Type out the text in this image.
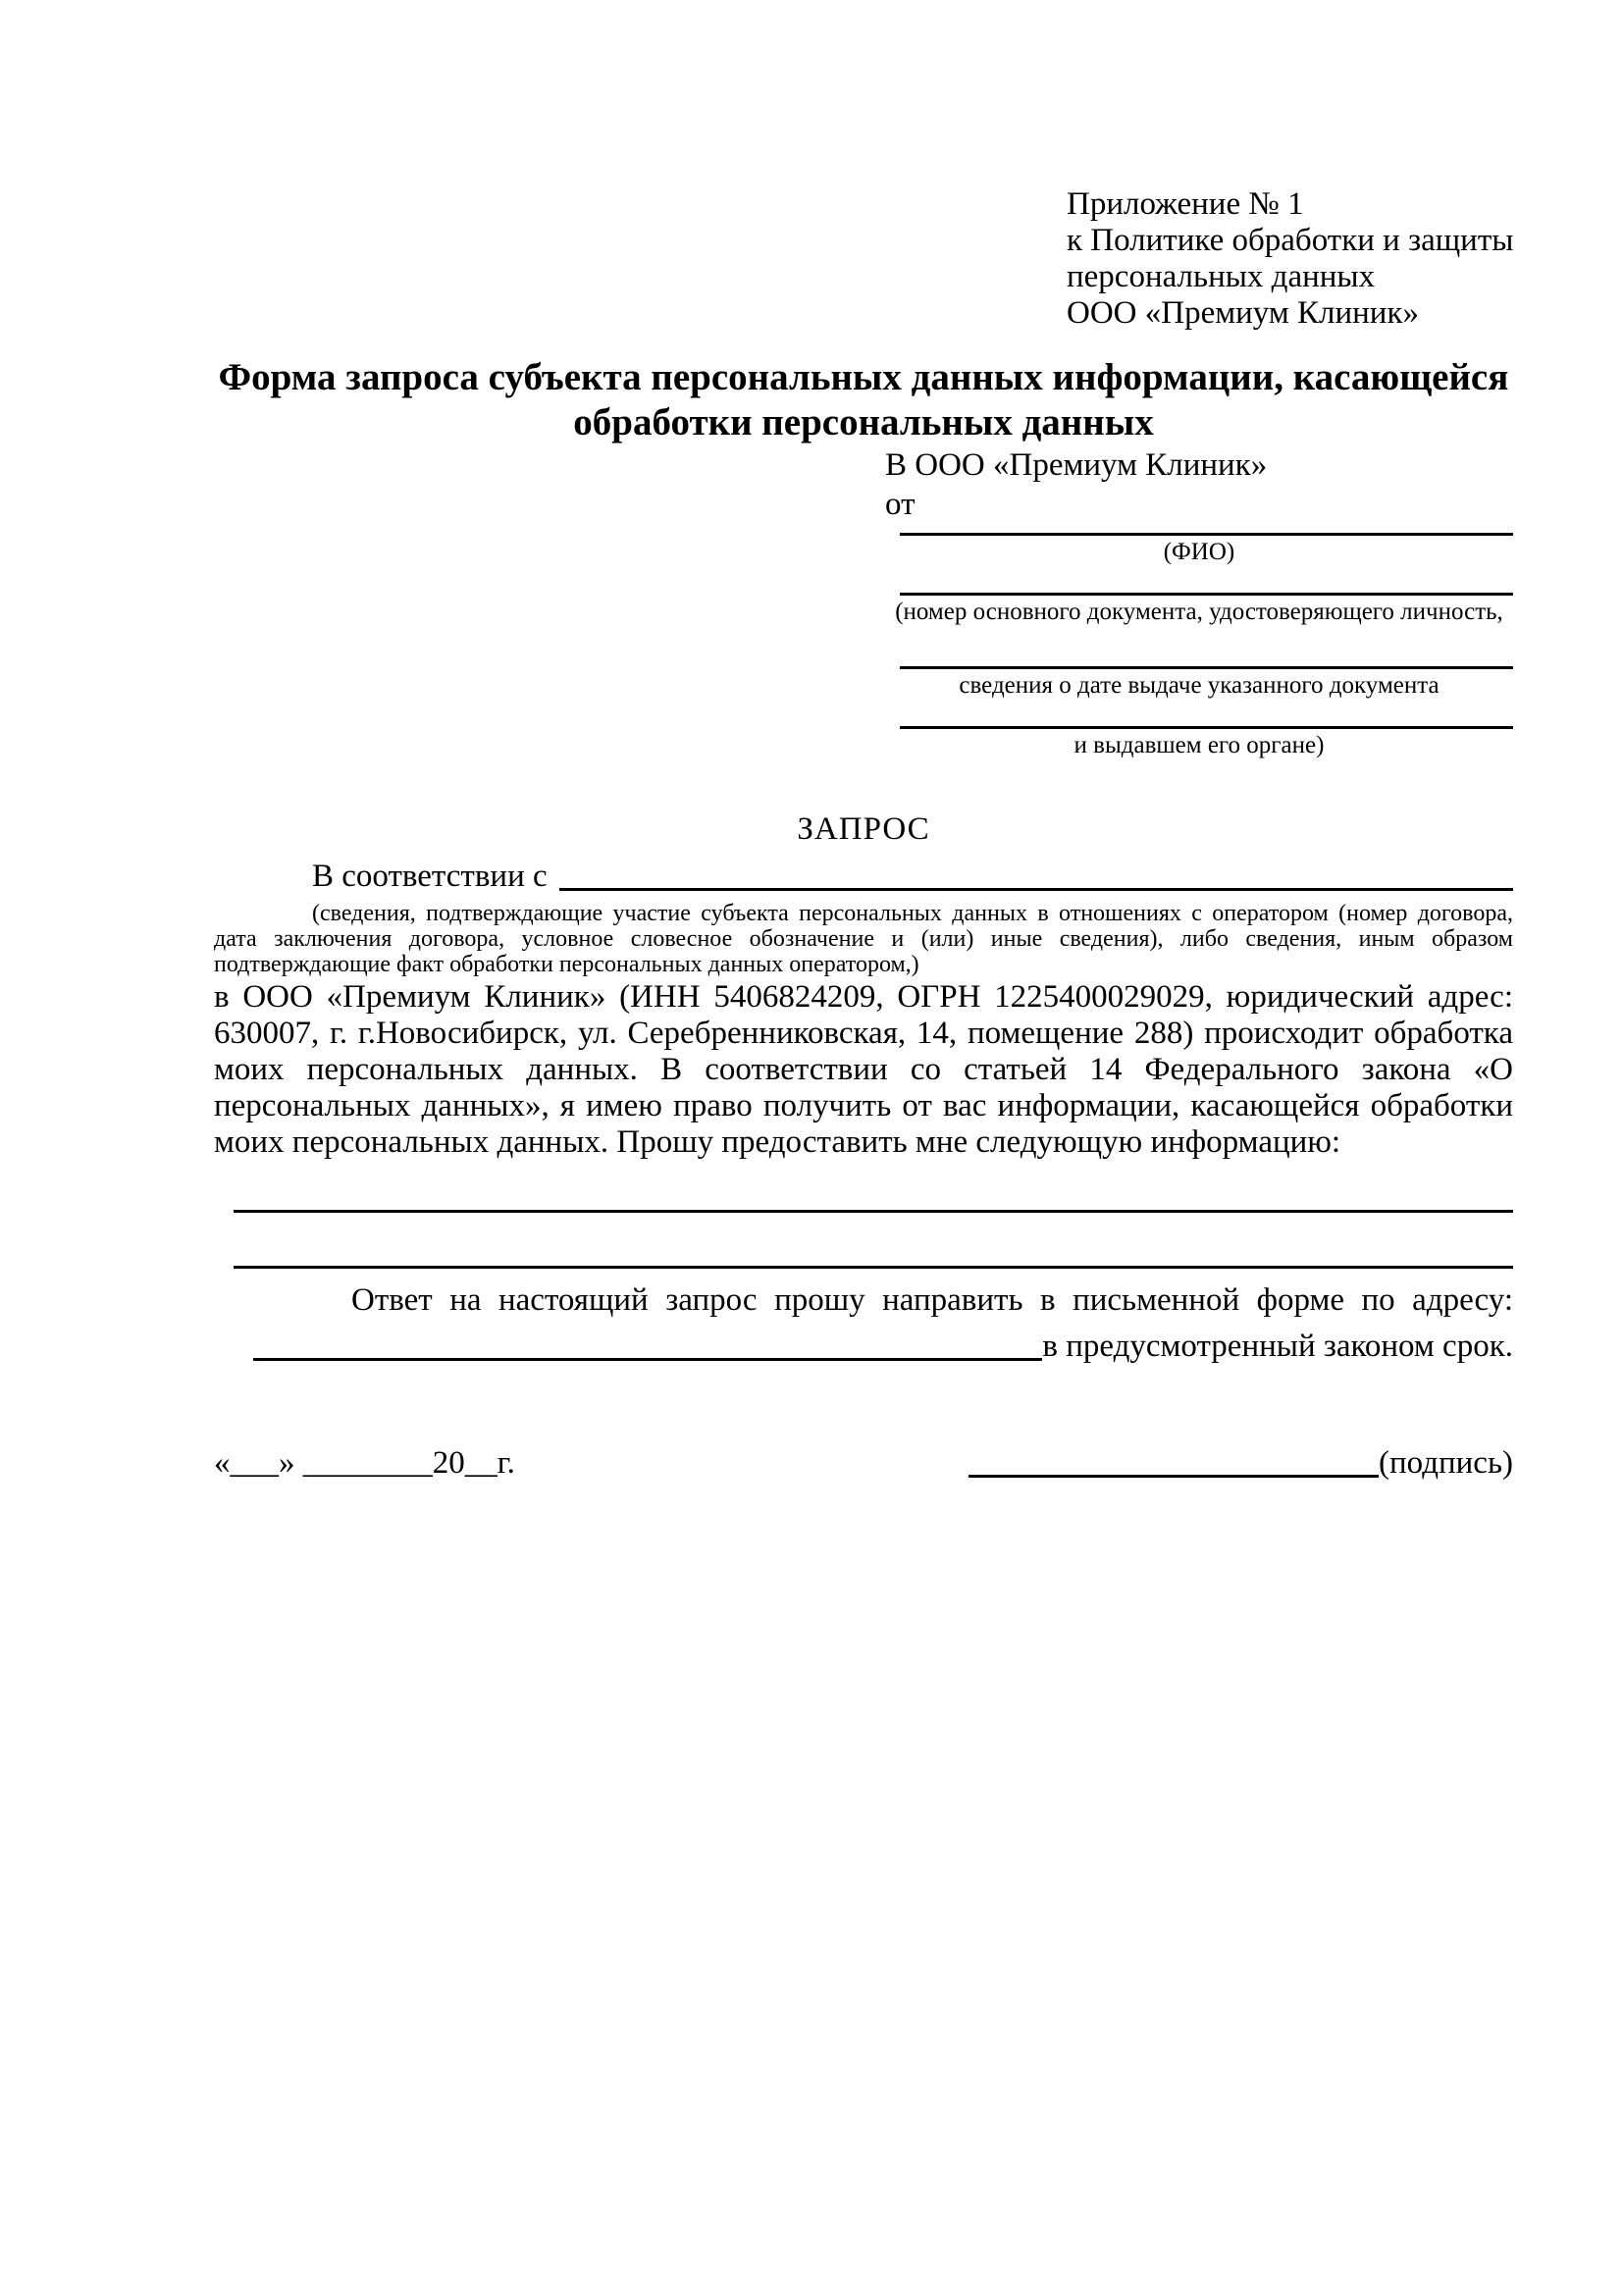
Приложение № 1
к Политике обработки и защиты
персональных данных
ООО «Премиум Клиник»
Форма запроса субъекта персональных данных информации, касающейся обработки персональных данных
В ООО «Премиум Клиник»
от
(ФИО)
(номер основного документа, удостоверяющего личность,
сведения о дате выдаче указанного документа
и выдавшем его органе)
ЗАПРОС
В соответствии с
(сведения, подтверждающие участие субъекта персональных данных в отношениях с оператором (номер договора, дата заключения договора, условное словесное обозначение и (или) иные сведения), либо сведения, иным образом подтверждающие факт обработки персональных данных оператором,)
в ООО «Премиум Клиник» (ИНН 5406824209, ОГРН 1225400029029, юридический адрес: 630007, г. г.Новосибирск, ул. Серебренниковская, 14, помещение 288) происходит обработка моих персональных данных. В соответствии со статьей 14 Федерального закона «О персональных данных», я имею право получить от вас информации, касающейся обработки моих персональных данных. Прошу предоставить мне следующую информацию:
Ответ на настоящий запрос прошу направить в письменной форме по адресу:
в предусмотренный законом срок.
«___» ________20__г.	(подпись)
